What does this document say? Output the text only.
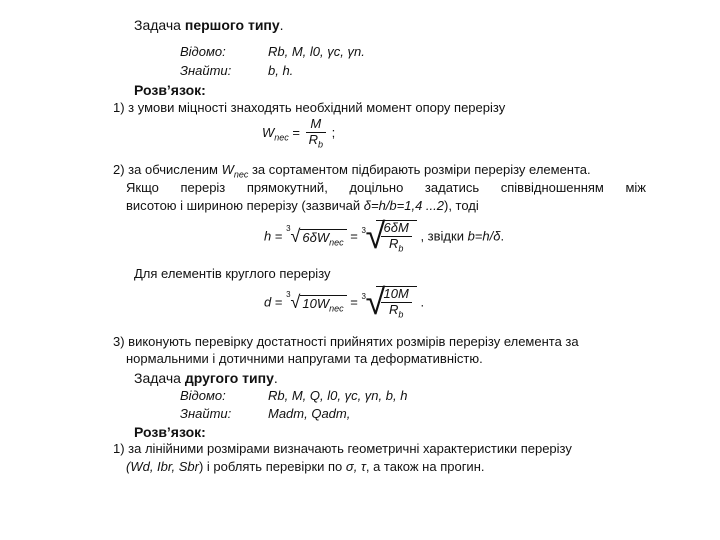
Задача першого типу.
Відомо:	Rb, M, l0, γc, γn.
Знайти:	b, h.
Розв’язок:
1) з умови міцності знаходять необхідний момент опору перерізу
$W_{nec} = \frac{M}{R_b}$ ;
2) за обчисленим $W_{nec}$ за сортаментом підбирають розміри перерізу елемента.
Якщо переріз прямокутний, доцільно задатись співвідношенням між
висотою і шириною перерізу (зазвичай δ=h/b=1,4 ...2), тоді
h = $^3$√ $6\delta W_{nec} = 3$ √
$\frac{6\delta M}{R_b}$ , звідки b=h/δ.
Для елементів круглого перерізу
d = $^3$√ $10W_{nec} = 3$ √
$\frac{10M}{R_b}$ .
3) виконують перевірку достатності прийнятих розмірів перерізу елемента за
нормальними і дотичними напругами та деформативністю.
Задача другого типу.
Відомо:	Rb, M, Q, l0, γc, γn, b, h
Знайти:	Madm, Qadm,
Розв’язок:
1) за лінійними розмірами визначають геометричні характеристики перерізу
(Wd, Ibr, Sbr) і роблять перевірки по σ, τ, а також на прогин.
